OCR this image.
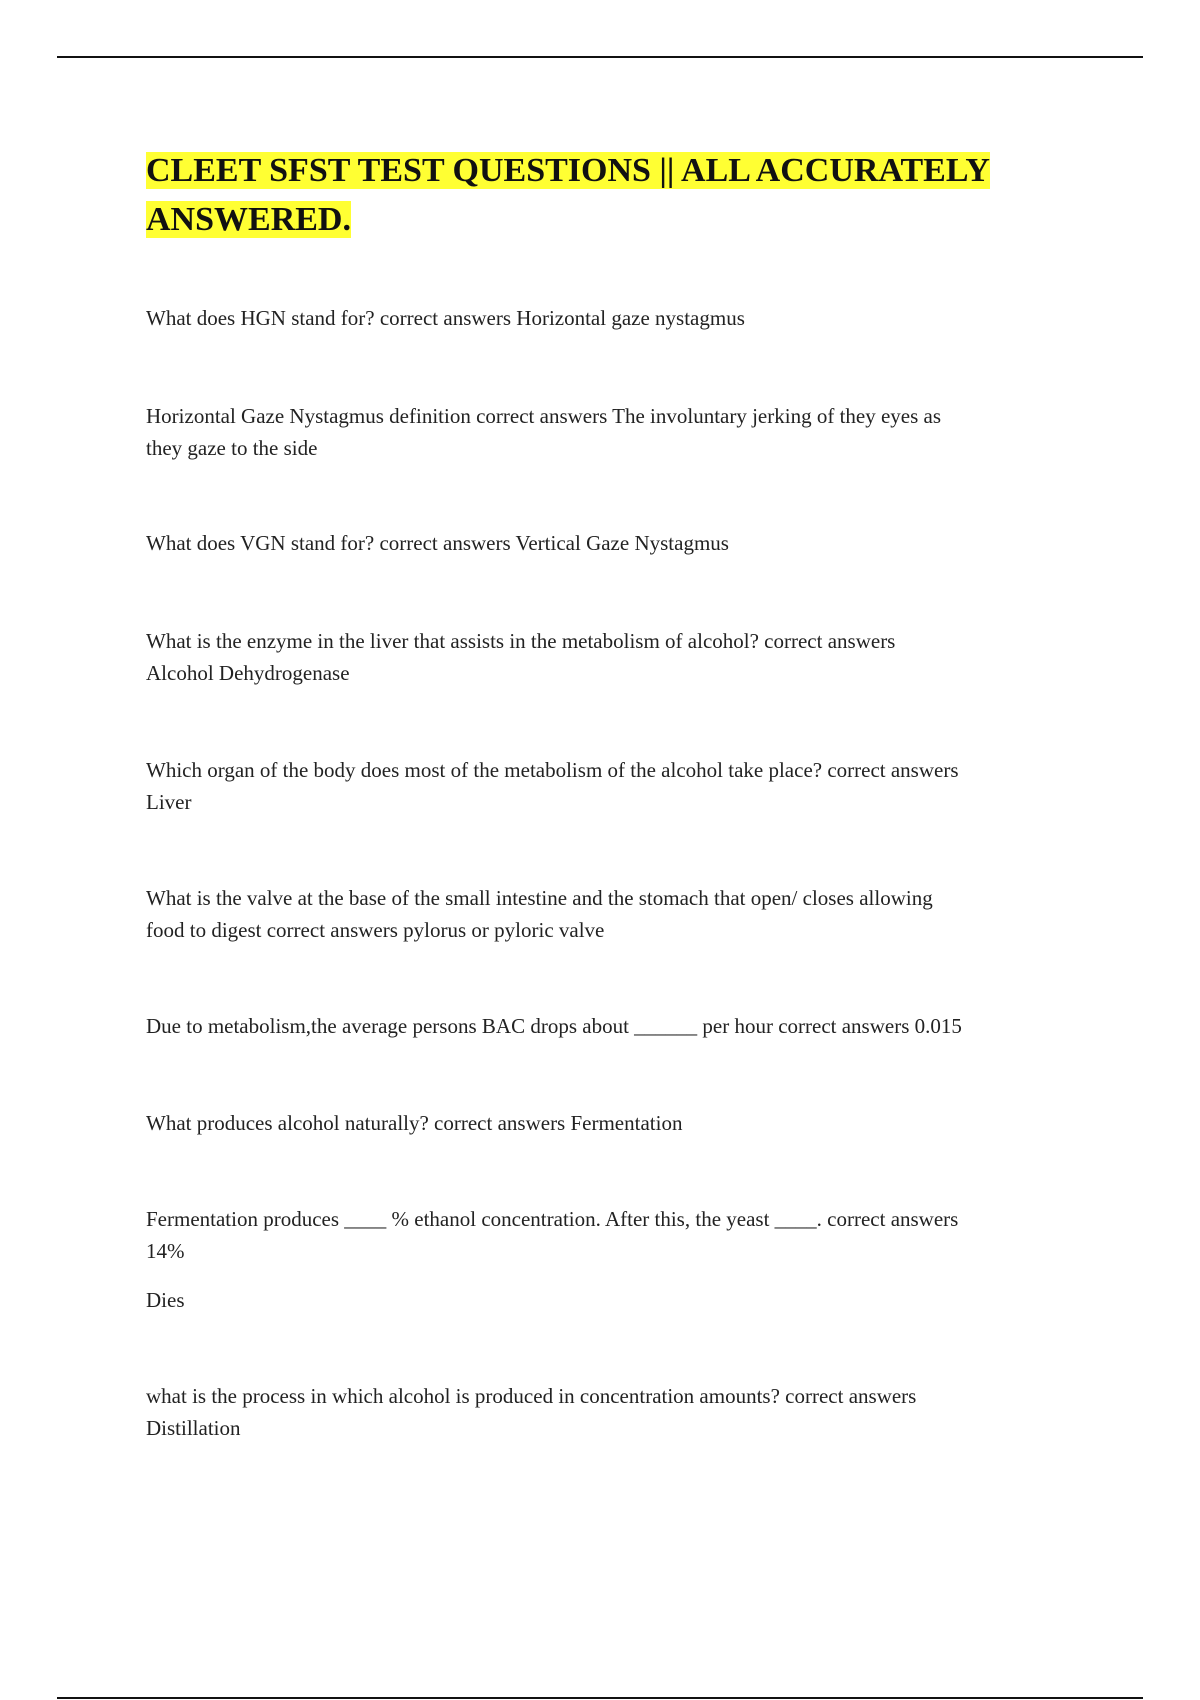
CLEET SFST TEST QUESTIONS || ALL ACCURATELY
ANSWERED.

What does HGN stand for? correct answers Horizontal gaze nystagmus

Horizontal Gaze Nystagmus definition correct answers The involuntary jerking of they eyes as
they gaze to the side

What does VGN stand for? correct answers Vertical Gaze Nystagmus

What is the enzyme in the liver that assists in the metabolism of alcohol? correct answers
Alcohol Dehydrogenase

Which organ of the body does most of the metabolism of the alcohol take place? correct answers
Liver

What is the valve at the base of the small intestine and the stomach that open/ closes allowing
food to digest correct answers pylorus or pyloric valve

Due to metabolism,the average persons BAC drops about ______ per hour correct answers 0.015

What produces alcohol naturally? correct answers Fermentation

Fermentation produces ____ % ethanol concentration. After this, the yeast ____. correct answers
14%

Dies

what is the process in which alcohol is produced in concentration amounts? correct answers
Distillation
